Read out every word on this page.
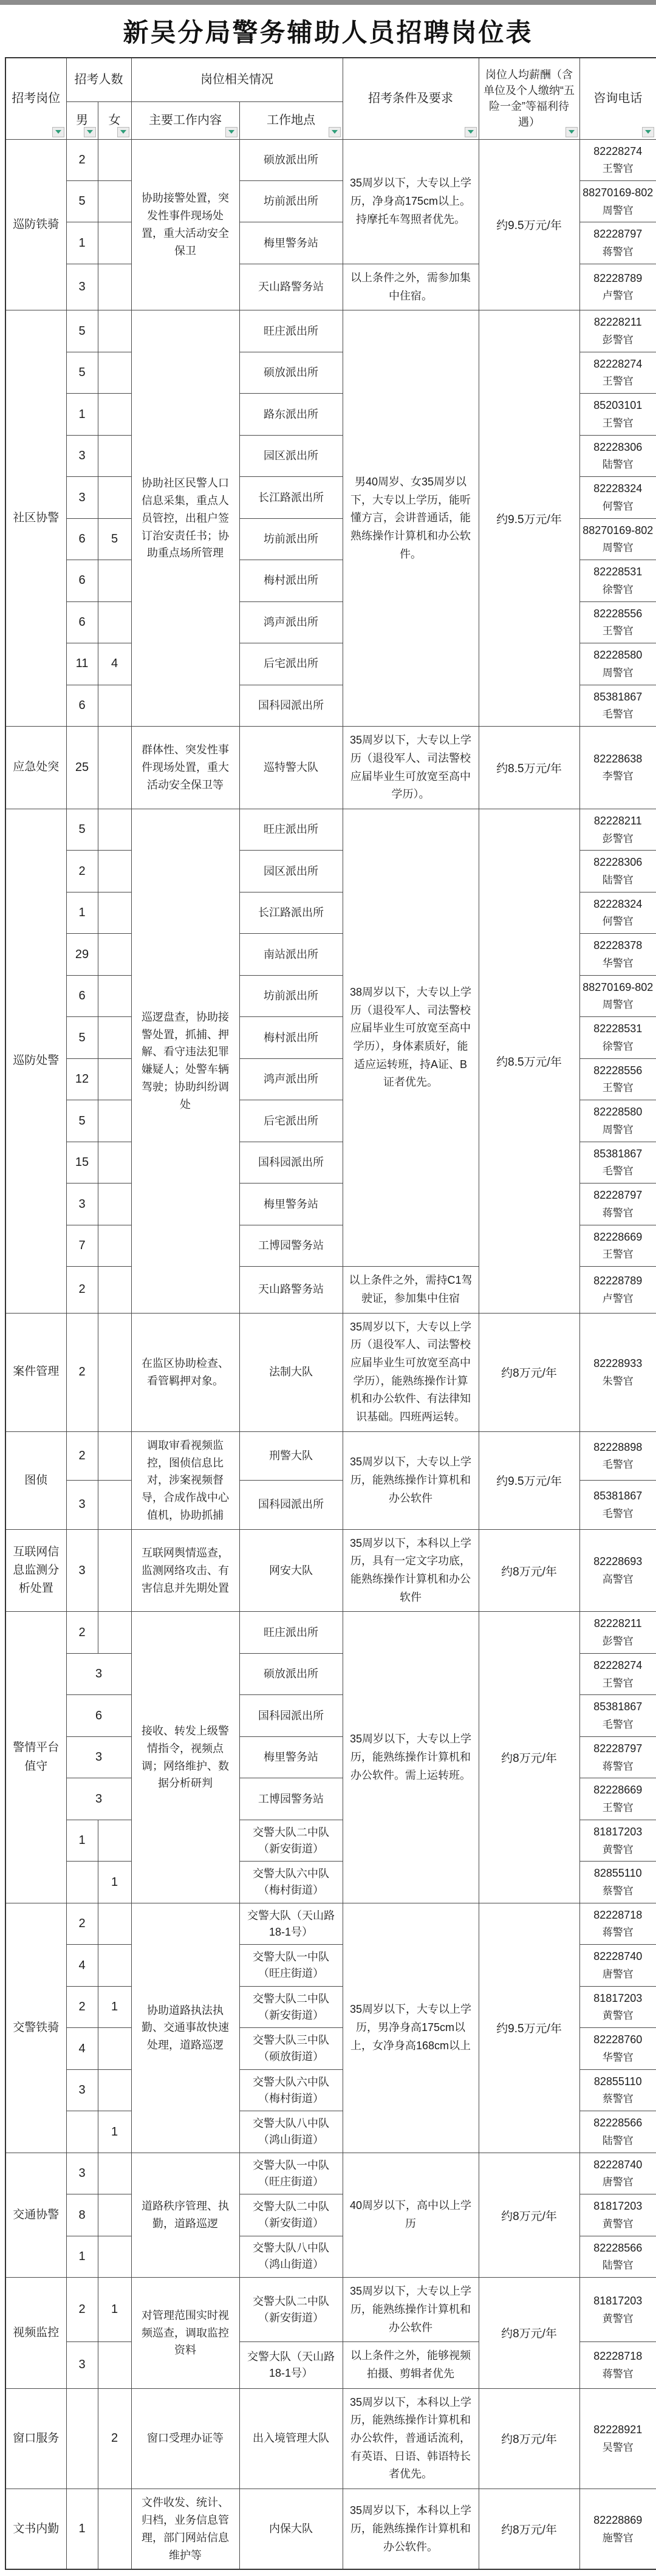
新吴分局警务辅助人员招聘岗位表
招考岗位	招考人数		岗位相关情况		招考条件及要求	岗位人均薪酬（含单位及个人缴纳“五险一金”等福利待遇）	咨询电话

	男	女	主要工作内容	工作地点			

巡防铁骑	2		协助接警处置，突发性事件现场处置，重大活动安全保卫	硕放派出所	35周岁以下，大专以上学历，净身高175cm以上。持摩托车驾照者优先。	约9.5万元/年	82228274
王警官

	5			坊前派出所			88270169-802
周警官

	1			梅里警务站			82228797
蒋警官

	3			天山路警务站	以上条件之外，需参加集中住宿。		82228789
卢警官

社区协警	5		协助社区民警人口信息采集，重点人员管控，出租户签订治安责任书；协助重点场所管理	旺庄派出所	男40周岁、女35周岁以下，大专以上学历，能听懂方言，会讲普通话，能熟练操作计算机和办公软件。	约9.5万元/年	82228211
彭警官

	5			硕放派出所			82228274
王警官

	1			路东派出所			85203101
王警官

	3			园区派出所			82228306
陆警官

	3			长江路派出所			82228324
何警官

	6	5		坊前派出所			88270169-802
周警官

	6			梅村派出所			82228531
徐警官

	6			鸿声派出所			82228556
王警官

	11	4		后宅派出所			82228580
周警官

	6			国科园派出所			85381867
毛警官

应急处突	25		群体性、突发性事件现场处置，重大活动安全保卫等	巡特警大队	35周岁以下，大专以上学历（退役军人、司法警校应届毕业生可放宽至高中学历）。	约8.5万元/年	82228638
李警官

巡防处警	5		巡逻盘查，协助接警处置，抓捕、押解、看守违法犯罪嫌疑人；处警车辆驾驶；协助纠纷调处	旺庄派出所	38周岁以下，大专以上学历（退役军人、司法警校应届毕业生可放宽至高中学历），身体素质好，能适应运转班，持A证、B证者优先。	约8.5万元/年	82228211
彭警官

	2			园区派出所			82228306
陆警官

	1			长江路派出所			82228324
何警官

	29			南站派出所			82228378
华警官

	6			坊前派出所			88270169-802
周警官

	5			梅村派出所			82228531
徐警官

	12			鸿声派出所			82228556
王警官

	5			后宅派出所			82228580
周警官

	15			国科园派出所			85381867
毛警官

	3			梅里警务站			82228797
蒋警官

	7			工博园警务站			82228669
王警官

	2			天山路警务站	以上条件之外，需持C1驾驶证，参加集中住宿		82228789
卢警官

案件管理	2		在监区协助检查、看管羁押对象。	法制大队	35周岁以下，大专以上学历（退役军人、司法警校应届毕业生可放宽至高中学历），能熟练操作计算机和办公软件、有法律知识基础。四班两运转。	约8万元/年	82228933
朱警官

图侦	2		调取审看视频监控，图侦信息比对，涉案视频督导，合成作战中心值机，协助抓捕	刑警大队	35周岁以下，大专以上学历，能熟练操作计算机和办公软件	约9.5万元/年	82228898
毛警官

	3			国科园派出所			85381867
毛警官

互联网信息监测分析处置	3		互联网舆情巡查，监测网络攻击、有害信息并先期处置	网安大队	35周岁以下，本科以上学历，具有一定文字功底，能熟练操作计算机和办公软件	约8万元/年	82228693
高警官

警情平台值守	2		接收、转发上级警情指令，视频点调；网络维护、数据分析研判	旺庄派出所	35周岁以下，大专以上学历，能熟练操作计算机和办公软件。需上运转班。	约8万元/年	82228211
彭警官

	3			硕放派出所			82228274
王警官

	6			国科园派出所			85381867
毛警官

	3			梅里警务站			82228797
蒋警官

	3			工博园警务站			82228669
王警官

	1			交警大队二中队（新安街道）			81817203
黄警官

		1		交警大队六中队（梅村街道）			82855110
蔡警官

交警铁骑	2		协助道路执法执勤、交通事故快速处理，道路巡逻	交警大队（天山路18-1号）	35周岁以下，大专以上学历，男净身高175cm以上，女净身高168cm以上	约9.5万元/年	82228718
蒋警官

	4			交警大队一中队（旺庄街道）			82228740
唐警官

	2	1		交警大队二中队（新安街道）			81817203
黄警官

	4			交警大队三中队（硕放街道）			82228760
华警官

	3			交警大队六中队（梅村街道）			82855110
蔡警官

		1		交警大队八中队（鸿山街道）			82228566
陆警官

交通协警	3		道路秩序管理、执勤，道路巡逻	交警大队一中队（旺庄街道）	40周岁以下，高中以上学历	约8万元/年	82228740
唐警官

	8			交警大队二中队（新安街道）			81817203
黄警官

	1			交警大队八中队（鸿山街道）			82228566
陆警官

视频监控	2	1	对管理范围实时视频巡查，调取监控资料	交警大队二中队（新安街道）	35周岁以下，大专以上学历，能熟练操作计算机和办公软件	约8万元/年	81817203
黄警官

	3			交警大队（天山路18-1号）	以上条件之外，能够视频拍摄、剪辑者优先		82228718
蒋警官

窗口服务		2	窗口受理办证等	出入境管理大队	35周岁以下，本科以上学历，能熟练操作计算机和办公软件，普通话流利，有英语、日语、韩语特长者优先。	约8万元/年	82228921
吴警官

文书内勤	1		文件收发、统计、归档，业务信息管理，部门网站信息维护等	内保大队	35周岁以下，本科以上学历，能熟练操作计算机和办公软件。	约8万元/年	82228869
施警官
